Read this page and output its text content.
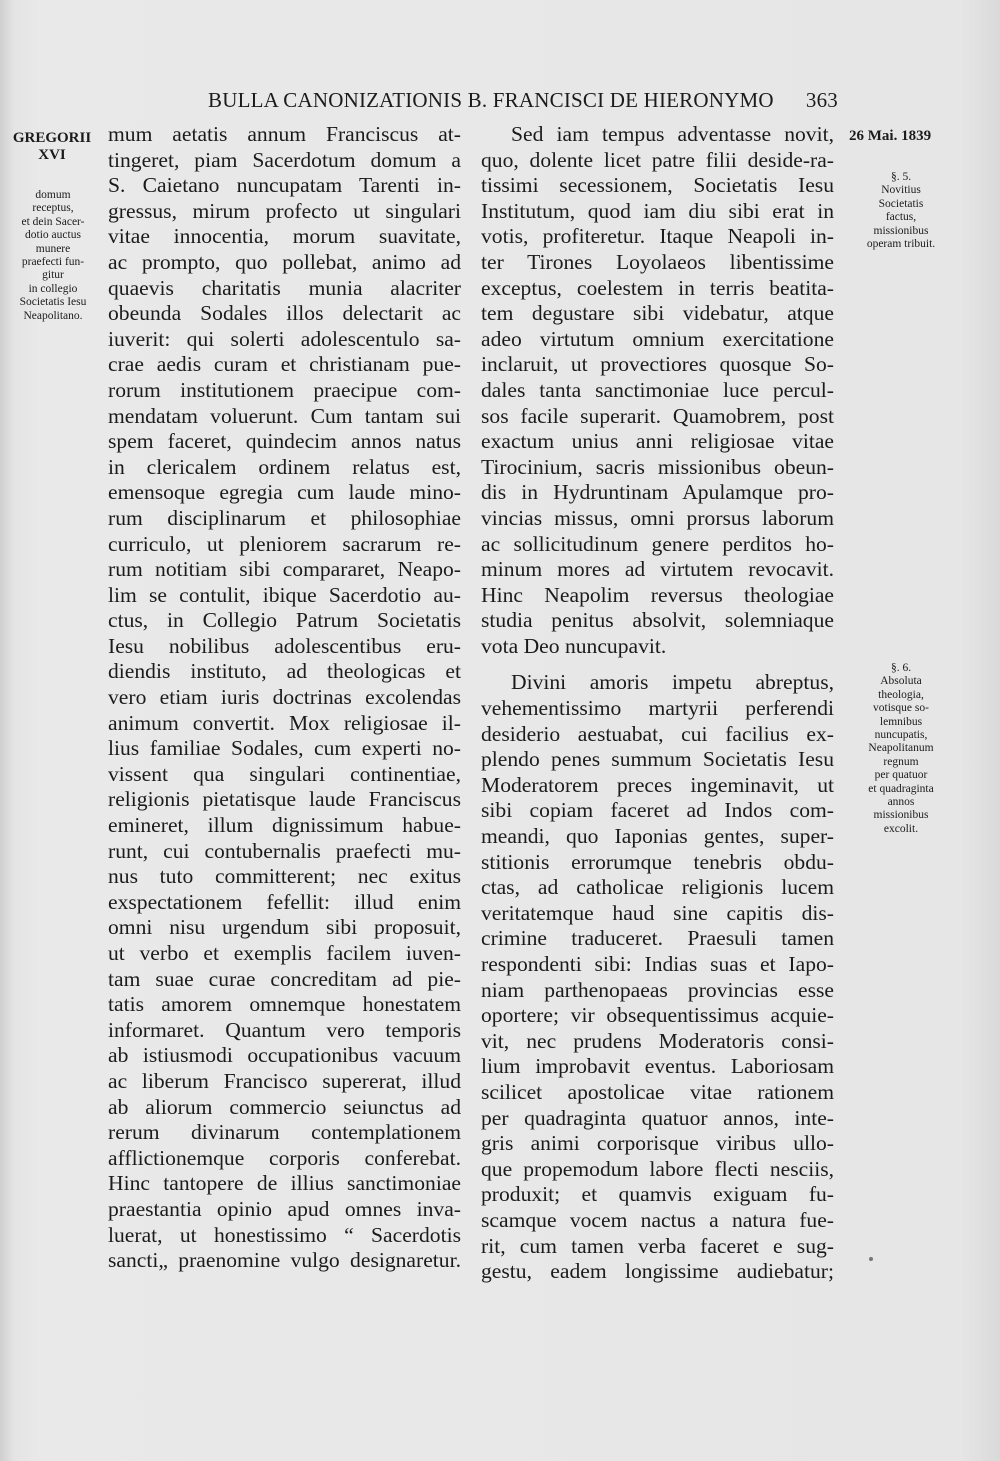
BULLA CANONIZATIONIS B. FRANCISCI DE HIERONYMO 363
GREGORII
XVI
domum
receptus,
et dein Sacer-
dotio auctus
munere
praefecti fun-
gitur
in collegio
Societatis Iesu
Neapolitano.
26 Mai. 1839
§. 5.
Novitius
Societatis
factus,
missionibus
operam tribuit.
§. 6.
Absoluta
theologia,
votisque so-
lemnibus
nuncupatis,
Neapolitanum
regnum
per quatuor
et quadraginta
annos
missionibus
excolit.
mum aetatis annum Franciscus at-
tingeret, piam Sacerdotum domum a
S. Caietano nuncupatam Tarenti in-
gressus, mirum profecto ut singulari
vitae innocentia, morum suavitate,
ac prompto, quo pollebat, animo ad
quaevis charitatis munia alacriter
obeunda Sodales illos delectarit ac
iuverit: qui solerti adolescentulo sa-
crae aedis curam et christianam pue-
rorum institutionem praecipue com-
mendatam voluerunt. Cum tantam sui
spem faceret, quindecim annos natus
in clericalem ordinem relatus est,
emensoque egregia cum laude mino-
rum disciplinarum et philosophiae
curriculo, ut pleniorem sacrarum re-
rum notitiam sibi compararet, Neapo-
lim se contulit, ibique Sacerdotio au-
ctus, in Collegio Patrum Societatis
Iesu nobilibus adolescentibus eru-
diendis instituto, ad theologicas et
vero etiam iuris doctrinas excolendas
animum convertit. Mox religiosae il-
lius familiae Sodales, cum experti no-
vissent qua singulari continentiae,
religionis pietatisque laude Franciscus
emineret, illum dignissimum habue-
runt, cui contubernalis praefecti mu-
nus tuto committerent; nec exitus
exspectationem fefellit: illud enim
omni nisu urgendum sibi proposuit,
ut verbo et exemplis facilem iuven-
tam suae curae concreditam ad pie-
tatis amorem omnemque honestatem
informaret. Quantum vero temporis
ab istiusmodi occupationibus vacuum
ac liberum Francisco supererat, illud
ab aliorum commercio seiunctus ad
rerum divinarum contemplationem
afflictionemque corporis conferebat.
Hinc tantopere de illius sanctimoniae
praestantia opinio apud omnes inva-
luerat, ut honestissimo “ Sacerdotis
sancti„ praenomine vulgo designaretur.
Sed iam tempus adventasse novit,
quo, dolente licet patre filii deside-ra-
tissimi secessionem, Societatis Iesu
Institutum, quod iam diu sibi erat in
votis, profiteretur. Itaque Neapoli in-
ter Tirones Loyolaeos libentissime
exceptus, coelestem in terris beatita-
tem degustare sibi videbatur, atque
adeo virtutum omnium exercitatione
inclaruit, ut provectiores quosque So-
dales tanta sanctimoniae luce percul-
sos facile superarit. Quamobrem, post
exactum unius anni religiosae vitae
Tirocinium, sacris missionibus obeun-
dis in Hydruntinam Apulamque pro-
vincias missus, omni prorsus laborum
ac sollicitudinum genere perditos ho-
minum mores ad virtutem revocavit.
Hinc Neapolim reversus theologiae
studia penitus absolvit, solemniaque
vota Deo nuncupavit.
Divini amoris impetu abreptus,
vehementissimo martyrii perferendi
desiderio aestuabat, cui facilius ex-
plendo penes summum Societatis Iesu
Moderatorem preces ingeminavit, ut
sibi copiam faceret ad Indos com-
meandi, quo Iaponias gentes, super-
stitionis errorumque tenebris obdu-
ctas, ad catholicae religionis lucem
veritatemque haud sine capitis dis-
crimine traduceret. Praesuli tamen
respondenti sibi: Indias suas et Iapo-
niam parthenopaeas provincias esse
oportere; vir obsequentissimus acquie-
vit, nec prudens Moderatoris consi-
lium improbavit eventus. Laboriosam
scilicet apostolicae vitae rationem
per quadraginta quatuor annos, inte-
gris animi corporisque viribus ullo-
que propemodum labore flecti nesciis,
produxit; et quamvis exiguam fu-
scamque vocem nactus a natura fue-
rit, cum tamen verba faceret e sug-
gestu, eadem longissime audiebatur;
